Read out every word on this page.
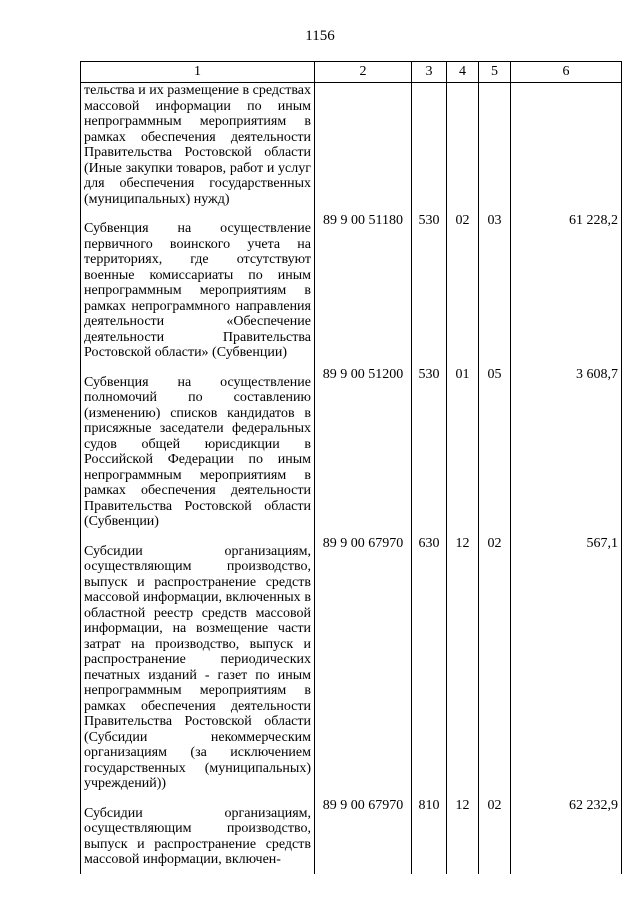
1156
1	2	3	4	5	6
тельства и их размещение в средствах массовой информации по иным непрограммным мероприятиям в рамках обеспечения деятельности Правительства Ростовской области (Иные закупки товаров, работ и услуг для обеспечения государственных (муниципальных) нужд)					
Субвенция на осуществление первичного воинского учета на территориях, где отсутствуют военные комиссариаты по иным непрограммным мероприятиям в рамках непрограммного направления деятельности «Обеспечение деятельности Правительства Ростовской области» (Субвенции)	89 9 00 51180	530	02	03	61 228,2
Субвенция на осуществление полномочий по составлению (изменению) списков кандидатов в присяжные заседатели федеральных судов общей юрисдикции в Российской Федерации по иным непрограммным мероприятиям в рамках обеспечения деятельности Правительства Ростовской области (Субвенции)	89 9 00 51200	530	01	05	3 608,7
Субсидии организациям, осуществляющим производство, выпуск и распространение средств массовой информации, включенных в областной реестр средств массовой информации, на возмещение части затрат на производство, выпуск и распространение периодических печатных изданий - газет по иным непрограммным мероприятиям в рамках обеспечения деятельности Правительства Ростовской области (Субсидии некоммерческим организациям (за исключением государственных (муниципальных) учреждений))	89 9 00 67970	630	12	02	567,1
Субсидии организациям, осуществляющим производство, выпуск и распространение средств массовой информации, включен-	89 9 00 67970	810	12	02	62 232,9
